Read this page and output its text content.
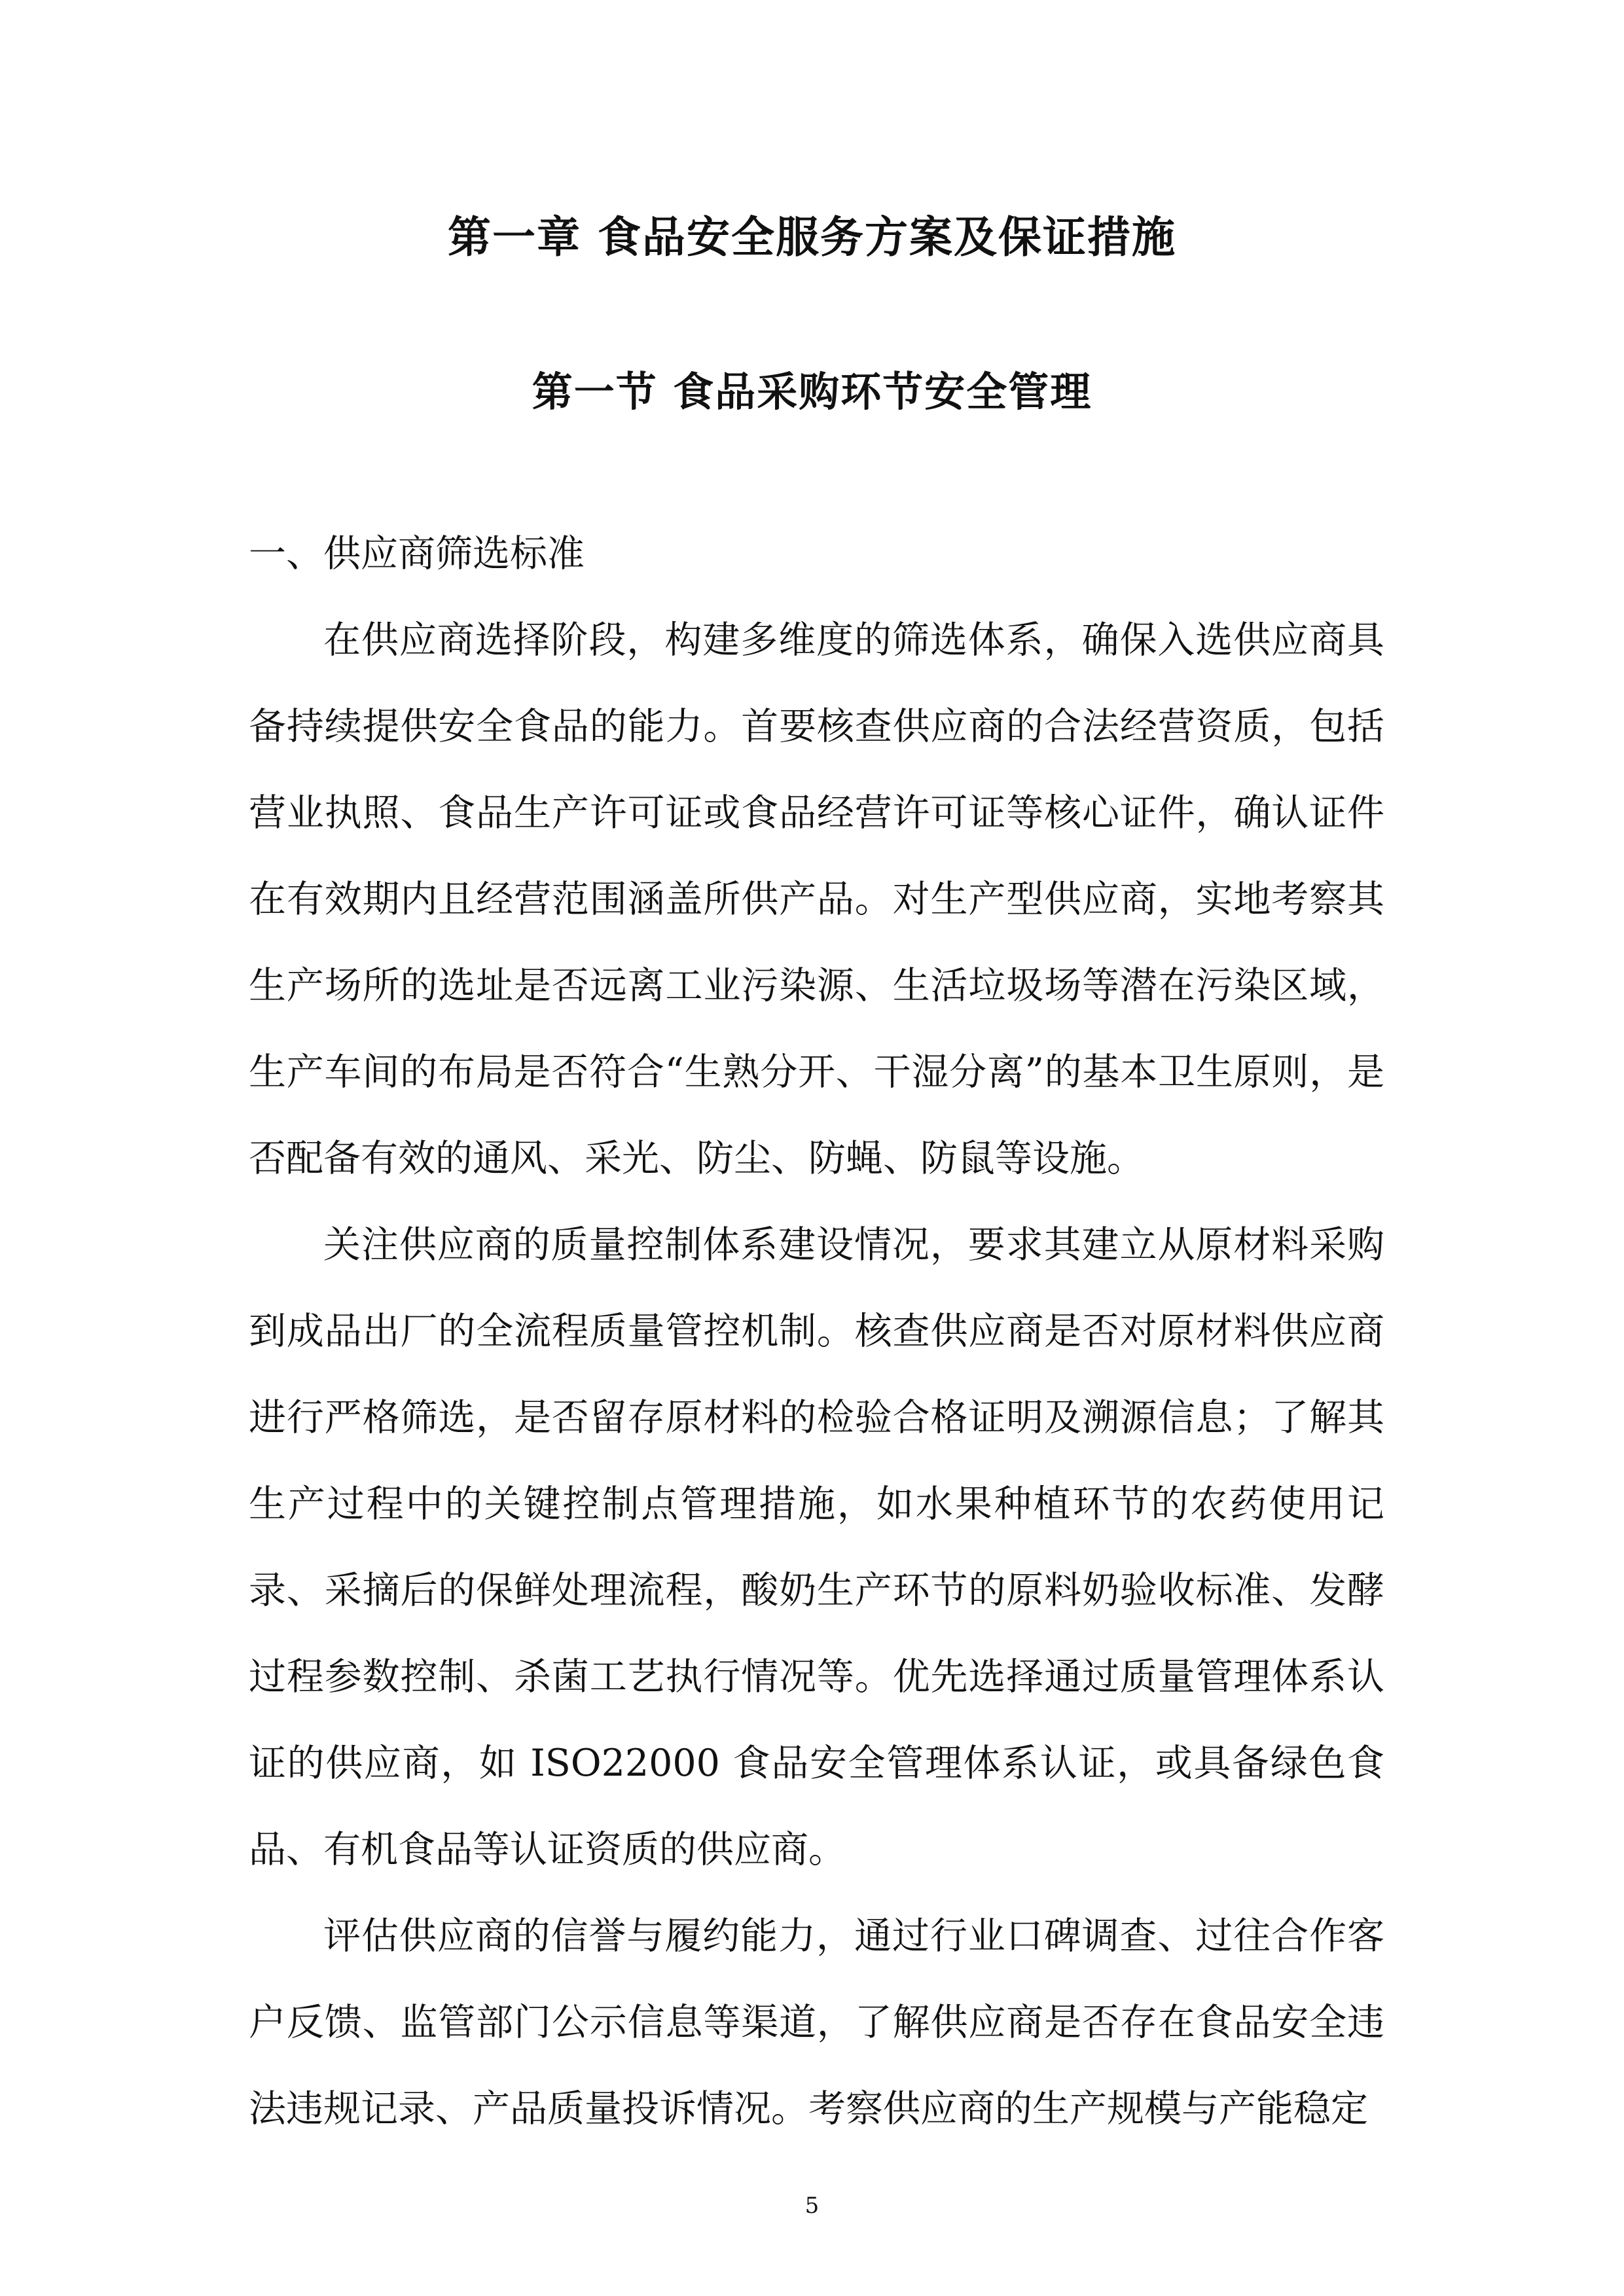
第一章 食品安全服务方案及保证措施
第一节 食品采购环节安全管理

一、供应商筛选标准

在供应商选择阶段，构建多维度的筛选体系，确保入选供应商具备持续提供安全食品的能力。首要核查供应商的合法经营资质，包括营业执照、食品生产许可证或食品经营许可证等核心证件，确认证件在有效期内且经营范围涵盖所供产品。对生产型供应商，实地考察其生产场所的选址是否远离工业污染源、生活垃圾场等潜在污染区域，生产车间的布局是否符合“生熟分开、干湿分离”的基本卫生原则，是否配备有效的通风、采光、防尘、防蝇、防鼠等设施。

关注供应商的质量控制体系建设情况，要求其建立从原材料采购到成品出厂的全流程质量管控机制。核查供应商是否对原材料供应商进行严格筛选，是否留存原材料的检验合格证明及溯源信息；了解其生产过程中的关键控制点管理措施，如水果种植环节的农药使用记录、采摘后的保鲜处理流程，酸奶生产环节的原料奶验收标准、发酵过程参数控制、杀菌工艺执行情况等。优先选择通过质量管理体系认证的供应商，如 ISO22000 食品安全管理体系认证，或具备绿色食品、有机食品等认证资质的供应商。

评估供应商的信誉与履约能力，通过行业口碑调查、过往合作客户反馈、监管部门公示信息等渠道，了解供应商是否存在食品安全违法违规记录、产品质量投诉情况。考察供应商的生产规模与产能稳定

5
